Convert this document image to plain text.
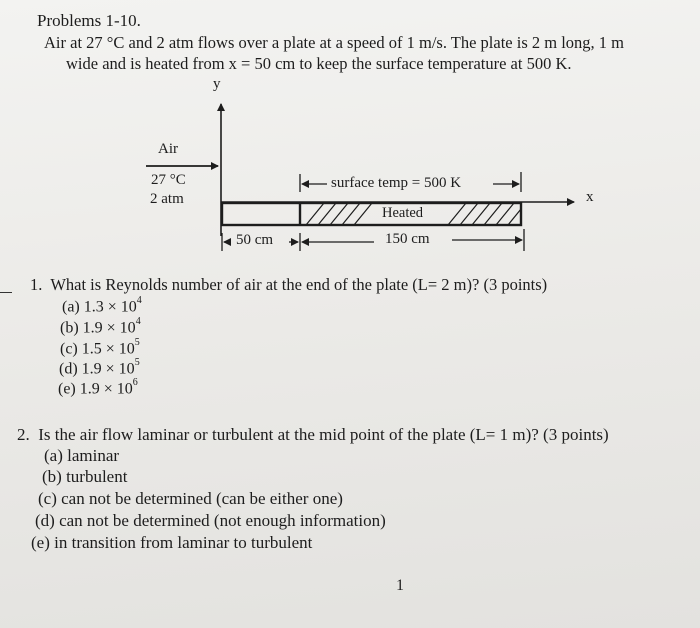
Problems 1-10.
Air at 27 °C and 2 atm flows over a plate at a speed of 1 m/s. The plate is 2 m long, 1 m
wide and is heated from x = 50 cm to keep the surface temperature at 500 K.
y
x
Air
27 °C
2 atm
surface temp = 500 K
Heated
50 cm	150 cm
1. What is Reynolds number of air at the end of the plate (L= 2 m)? (3 points)
(a) $1.3 \times 10^4$
(b) $1.9 \times 10^4$
(c) $1.5 \times 10^5$
(d) $1.9 \times 10^5$
(e) $1.9 \times 10^6$
2. Is the air flow laminar or turbulent at the mid point of the plate (L= 1 m)? (3 points)
(a) laminar
(b) turbulent
(c) can not be determined (can be either one)
(d) can not be determined (not enough information)
(e) in transition from laminar to turbulent
1
